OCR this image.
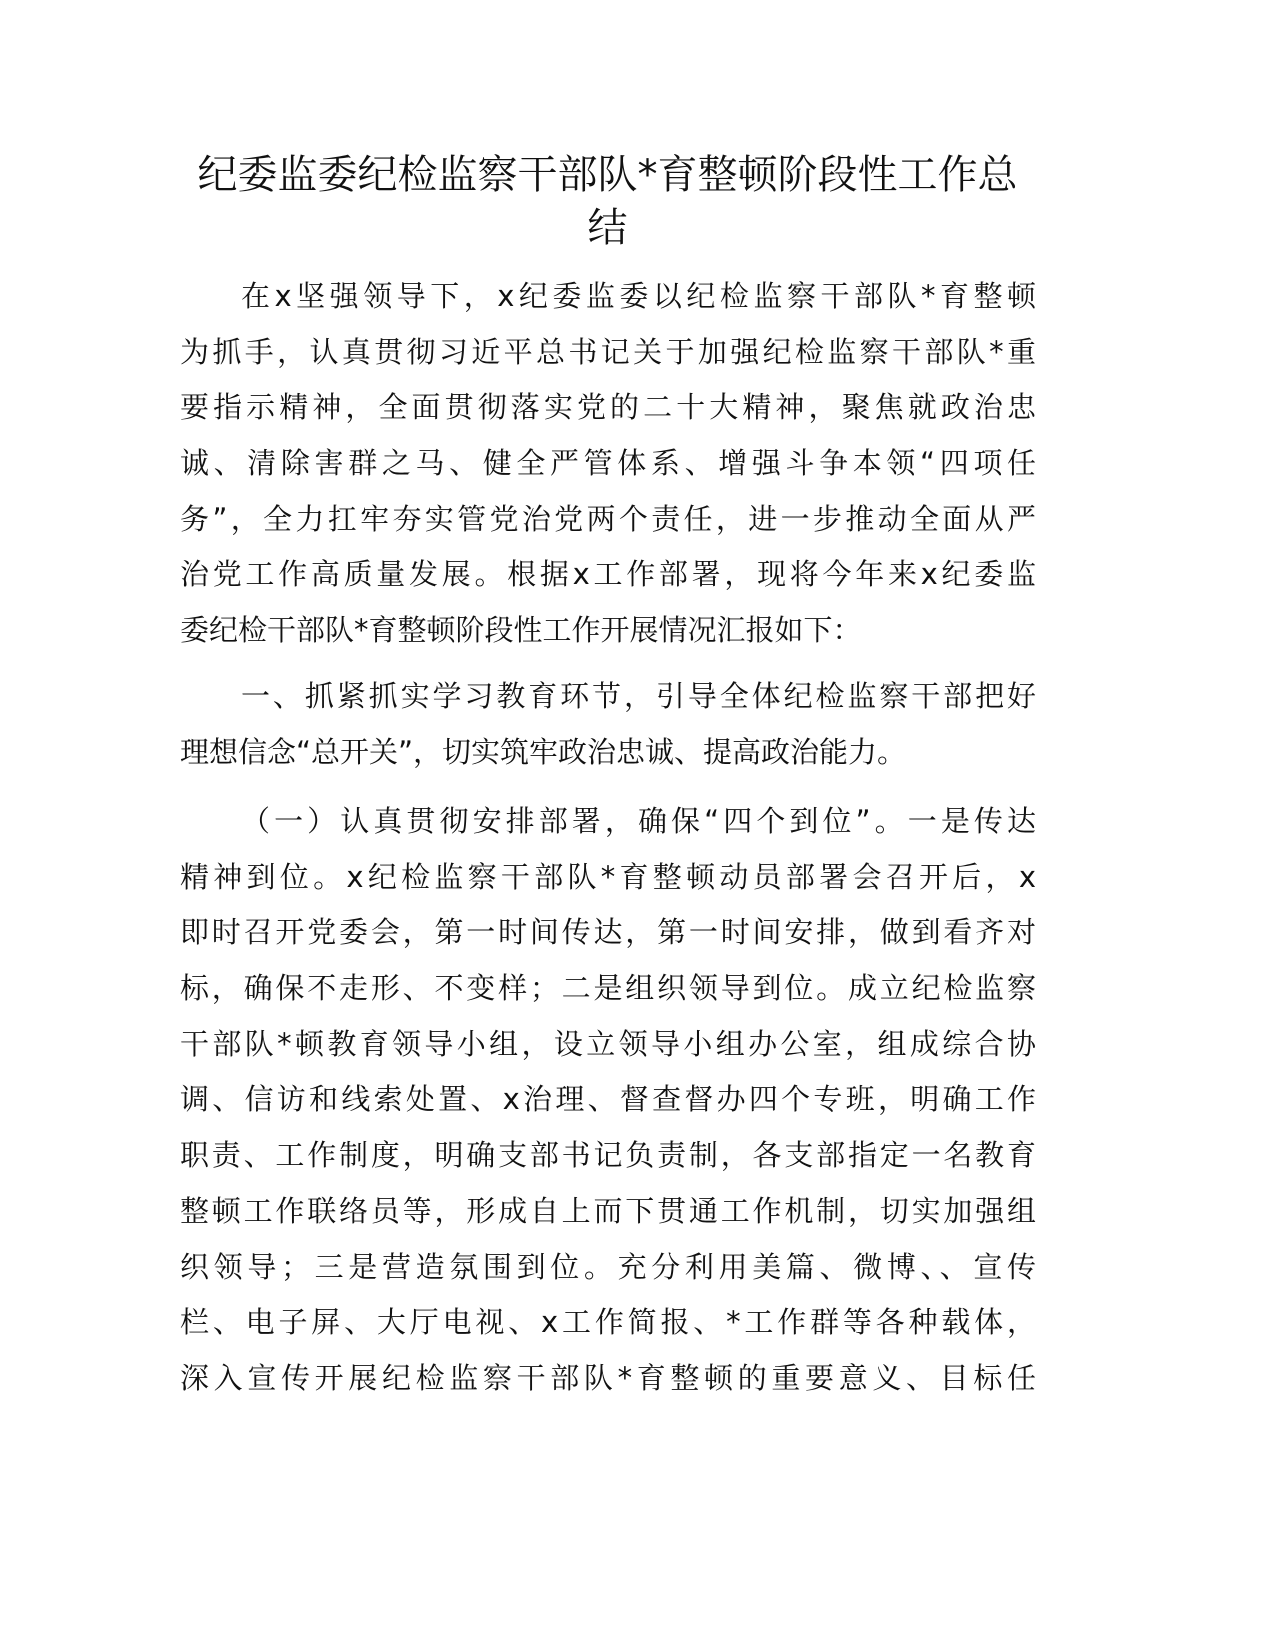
纪委监委纪检监察干部队*育整顿阶段性工作总
结
在x坚强领导下，x纪委监委以纪检监察干部队*育整顿
为抓手，认真贯彻习近平总书记关于加强纪检监察干部队*重
要指示精神，全面贯彻落实党的二十大精神，聚焦就政治忠
诚、清除害群之马、健全严管体系、增强斗争本领“四项任
务”，全力扛牢夯实管党治党两个责任，进一步推动全面从严
治党工作高质量发展。根据x工作部署，现将今年来x纪委监
委纪检干部队*育整顿阶段性工作开展情况汇报如下：
一、抓紧抓实学习教育环节，引导全体纪检监察干部把好
理想信念“总开关”，切实筑牢政治忠诚、提高政治能力。
（一）认真贯彻安排部署，确保“四个到位”。一是传达
精神到位。x纪检监察干部队*育整顿动员部署会召开后，x
即时召开党委会，第一时间传达，第一时间安排，做到看齐对
标，确保不走形、不变样；二是组织领导到位。成立纪检监察
干部队*顿教育领导小组，设立领导小组办公室，组成综合协
调、信访和线索处置、x治理、督查督办四个专班，明确工作
职责、工作制度，明确支部书记负责制，各支部指定一名教育
整顿工作联络员等，形成自上而下贯通工作机制，切实加强组
织领导；三是营造氛围到位。充分利用美篇、微博、、宣传
栏、电子屏、大厅电视、x工作简报、*工作群等各种载体，
深入宣传开展纪检监察干部队*育整顿的重要意义、目标任
